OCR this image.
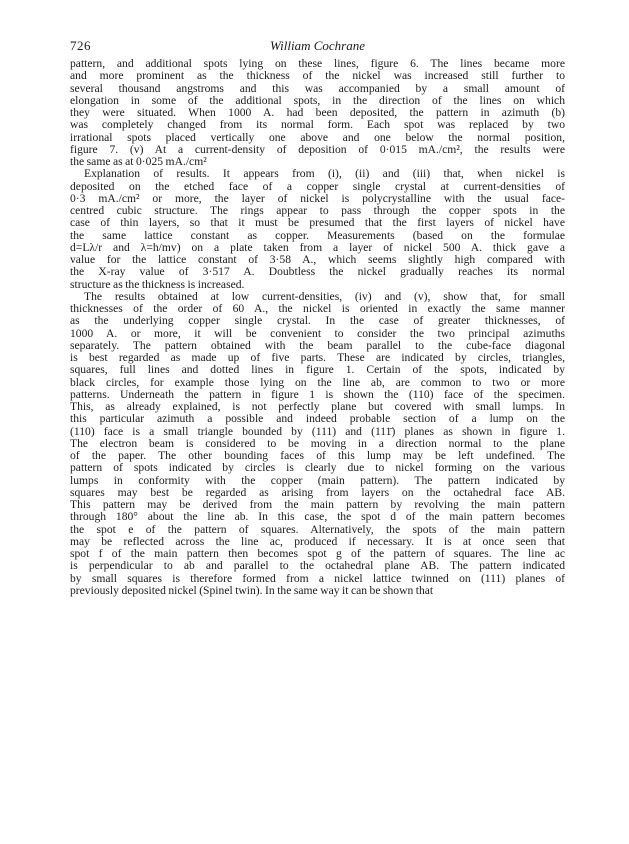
726	William Cochrane
pattern, and additional spots lying on these lines, figure 6. The lines became more
and more prominent as the thickness of the nickel was increased still further to
several thousand angstroms and this was accompanied by a small amount of
elongation in some of the additional spots, in the direction of the lines on which
they were situated. When 1000 A. had been deposited, the pattern in azimuth (b)
was completely changed from its normal form. Each spot was replaced by two
irrational spots placed vertically one above and one below the normal position,
figure 7. (v) At a current-density of deposition of 0·015 mA./cm², the results were
the same as at 0·025 mA./cm²
Explanation of results. It appears from (i), (ii) and (iii) that, when nickel is
deposited on the etched face of a copper single crystal at current-densities of
0·3 mA./cm² or more, the layer of nickel is polycrystalline with the usual face-
centred cubic structure. The rings appear to pass through the copper spots in the
case of thin layers, so that it must be presumed that the first layers of nickel have
the same lattice constant as copper. Measurements (based on the formulae
d=Lλ/r and λ=h/mv) on a plate taken from a layer of nickel 500 A. thick gave a
value for the lattice constant of 3·58 A., which seems slightly high compared with
the X-ray value of 3·517 A. Doubtless the nickel gradually reaches its normal
structure as the thickness is increased.
The results obtained at low current-densities, (iv) and (v), show that, for small
thicknesses of the order of 60 A., the nickel is oriented in exactly the same manner
as the underlying copper single crystal. In the case of greater thicknesses, of
1000 A. or more, it will be convenient to consider the two principal azimuths
separately. The pattern obtained with the beam parallel to the cube-face diagonal
is best regarded as made up of five parts. These are indicated by circles, triangles,
squares, full lines and dotted lines in figure 1. Certain of the spots, indicated by
black circles, for example those lying on the line ab, are common to two or more
patterns. Underneath the pattern in figure 1 is shown the (110) face of the specimen.
This, as already explained, is not perfectly plane but covered with small lumps. In
this particular azimuth a possible and indeed probable section of a lump on the
(110) face is a small triangle bounded by (111) and (111̄) planes as shown in figure 1.
The electron beam is considered to be moving in a direction normal to the plane
of the paper. The other bounding faces of this lump may be left undefined. The
pattern of spots indicated by circles is clearly due to nickel forming on the various
lumps in conformity with the copper (main pattern). The pattern indicated by
squares may best be regarded as arising from layers on the octahedral face AB.
This pattern may be derived from the main pattern by revolving the main pattern
through 180° about the line ab. In this case, the spot d of the main pattern becomes
the spot e of the pattern of squares. Alternatively, the spots of the main pattern
may be reflected across the line ac, produced if necessary. It is at once seen that
spot f of the main pattern then becomes spot g of the pattern of squares. The line ac
is perpendicular to ab and parallel to the octahedral plane AB. The pattern indicated
by small squares is therefore formed from a nickel lattice twinned on (111) planes of
previously deposited nickel (Spinel twin). In the same way it can be shown that
